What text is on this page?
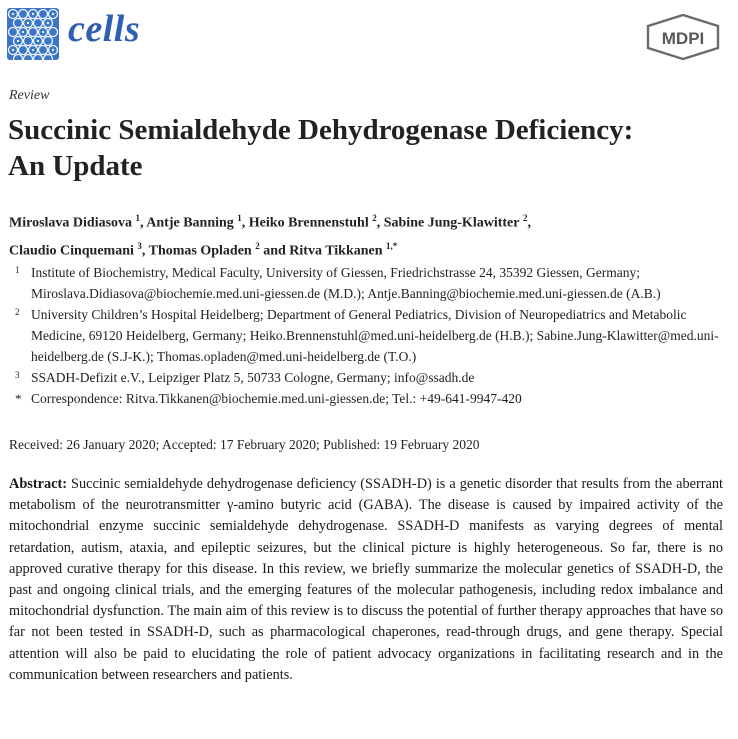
cells	MDPI
Review
Succinic Semialdehyde Dehydrogenase Deficiency:
An Update
Miroslava Didiasova $^1$, Antje Banning $^1$, Heiko Brennenstuhl $^2$, Sabine Jung-Klawitter $^2$,
Claudio Cinquemani $^3$, Thomas Opladen $^2$ and Ritva Tikkanen $^{1,*}$
1 Institute of Biochemistry, Medical Faculty, University of Giessen, Friedrichstrasse 24, 35392 Giessen, Germany; Miroslava.Didiasova@biochemie.med.uni-giessen.de (M.D.); Antje.Banning@biochemie.med.uni-giessen.de (A.B.)
2 University Children’s Hospital Heidelberg; Department of General Pediatrics, Division of Neuropediatrics and Metabolic Medicine, 69120 Heidelberg, Germany; Heiko.Brennenstuhl@med.uni-heidelberg.de (H.B.); Sabine.Jung-Klawitter@med.uni-heidelberg.de (S.J-K.); Thomas.opladen@med.uni-heidelberg.de (T.O.)
3 SSADH-Defizit e.V., Leipziger Platz 5, 50733 Cologne, Germany; info@ssadh.de
* Correspondence: Ritva.Tikkanen@biochemie.med.uni-giessen.de; Tel.: +49-641-9947-420
Received: 26 January 2020; Accepted: 17 February 2020; Published: 19 February 2020

Abstract: Succinic semialdehyde dehydrogenase deficiency (SSADH-D) is a genetic disorder that results from the aberrant metabolism of the neurotransmitter γ-amino butyric acid (GABA). The disease is caused by impaired activity of the mitochondrial enzyme succinic semialdehyde dehydrogenase. SSADH-D manifests as varying degrees of mental retardation, autism, ataxia, and epileptic seizures, but the clinical picture is highly heterogeneous. So far, there is no approved curative therapy for this disease. In this review, we briefly summarize the molecular genetics of SSADH-D, the past and ongoing clinical trials, and the emerging features of the molecular pathogenesis, including redox imbalance and mitochondrial dysfunction. The main aim of this review is to discuss the potential of further therapy approaches that have so far not been tested in SSADH-D, such as pharmacological chaperones, read-through drugs, and gene therapy. Special attention will also be paid to elucidating the role of patient advocacy organizations in facilitating research and in the communication between researchers and patients.
